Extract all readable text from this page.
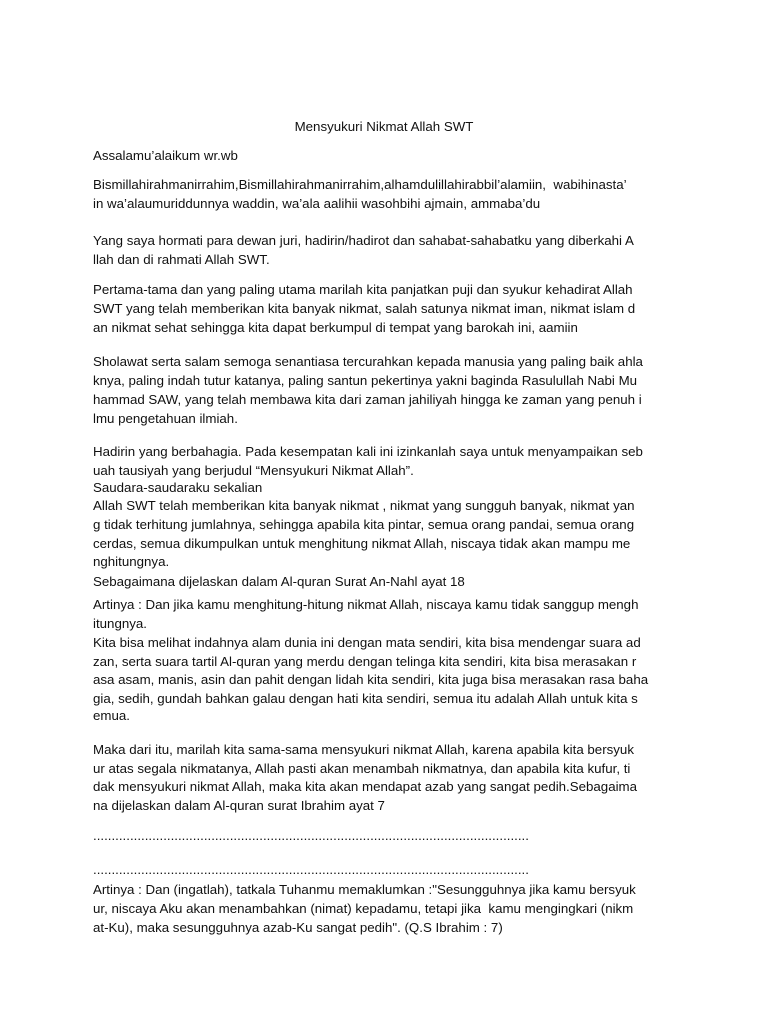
Mensyukuri Nikmat Allah SWT

Assalamu’alaikum wr.wb

Bismillahirahmanirrahim,Bismillahirahmanirrahim,alhamdulillahirabbil’alamiin,  wabihinasta’

in wa’alaumuriddunnya waddin, wa’ala aalihii wasohbihi ajmain, ammaba’du

Yang saya hormati para dewan juri, hadirin/hadirot dan sahabat-sahabatku yang diberkahi A

llah dan di rahmati Allah SWT.

Pertama-tama dan yang paling utama marilah kita panjatkan puji dan syukur kehadirat Allah

SWT yang telah memberikan kita banyak nikmat, salah satunya nikmat iman, nikmat islam d

an nikmat sehat sehingga kita dapat berkumpul di tempat yang barokah ini, aamiin

Sholawat serta salam semoga senantiasa tercurahkan kepada manusia yang paling baik ahla

knya, paling indah tutur katanya, paling santun pekertinya yakni baginda Rasulullah Nabi Mu

hammad SAW, yang telah membawa kita dari zaman jahiliyah hingga ke zaman yang penuh i

lmu pengetahuan ilmiah.

Hadirin yang berbahagia. Pada kesempatan kali ini izinkanlah saya untuk menyampaikan seb

uah tausiyah yang berjudul “Mensyukuri Nikmat Allah”.

Saudara-saudaraku sekalian

Allah SWT telah memberikan kita banyak nikmat , nikmat yang sungguh banyak, nikmat yan

g tidak terhitung jumlahnya, sehingga apabila kita pintar, semua orang pandai, semua orang

cerdas, semua dikumpulkan untuk menghitung nikmat Allah, niscaya tidak akan mampu me

nghitungnya.

Sebagaimana dijelaskan dalam Al-quran Surat An-Nahl ayat 18

Artinya : Dan jika kamu menghitung-hitung nikmat Allah, niscaya kamu tidak sanggup mengh

itungnya.

Kita bisa melihat indahnya alam dunia ini dengan mata sendiri, kita bisa mendengar suara ad

zan, serta suara tartil Al-quran yang merdu dengan telinga kita sendiri, kita bisa merasakan r

asa asam, manis, asin dan pahit dengan lidah kita sendiri, kita juga bisa merasakan rasa baha

gia, sedih, gundah bahkan galau dengan hati kita sendiri, semua itu adalah Allah untuk kita s

emua.

Maka dari itu, marilah kita sama-sama mensyukuri nikmat Allah, karena apabila kita bersyuk

ur atas segala nikmatanya, Allah pasti akan menambah nikmatnya, dan apabila kita kufur, ti

dak mensyukuri nikmat Allah, maka kita akan mendapat azab yang sangat pedih.Sebagaima

na dijelaskan dalam Al-quran surat Ibrahim ayat 7

......................................................................................................................

......................................................................................................................

Artinya : Dan (ingatlah), tatkala Tuhanmu memaklumkan :"Sesungguhnya jika kamu bersyuk

ur, niscaya Aku akan menambahkan (nimat) kepadamu, tetapi jika  kamu mengingkari (nikm

at-Ku), maka sesungguhnya azab-Ku sangat pedih". (Q.S Ibrahim : 7)
